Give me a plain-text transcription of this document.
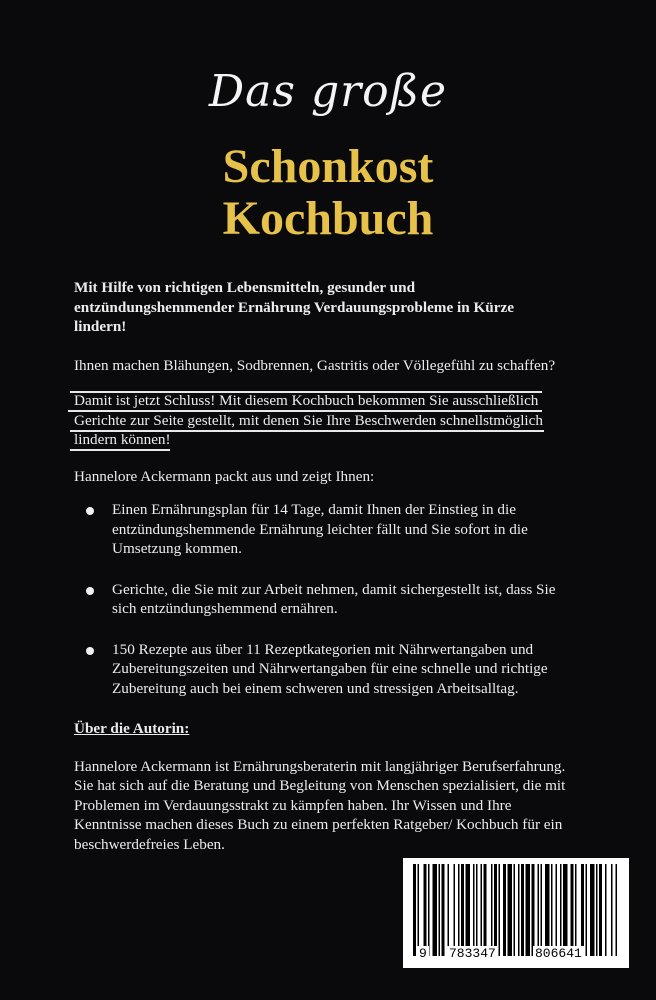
Das große
Schonkost
Kochbuch

Mit Hilfe von richtigen Lebensmitteln, gesunder und entzündungshemmender Ernährung Verdauungsprobleme in Kürze lindern!

Ihnen machen Blähungen, Sodbrennen, Gastritis oder Völlegefühl zu schaffen?

Damit ist jetzt Schluss! Mit diesem Kochbuch bekommen Sie ausschließlich Gerichte zur Seite gestellt, mit denen Sie Ihre Beschwerden schnellstmöglich lindern können!

Hannelore Ackermann packt aus und zeigt Ihnen:

Einen Ernährungsplan für 14 Tage, damit Ihnen der Einstieg in die entzündungshemmende Ernährung leichter fällt und Sie sofort in die Umsetzung kommen.
Gerichte, die Sie mit zur Arbeit nehmen, damit sichergestellt ist, dass Sie sich entzündungshemmend ernähren.
150 Rezepte aus über 11 Rezeptkategorien mit Nährwertangaben und Zubereitungszeiten und Nährwertangaben für eine schnelle und richtige Zubereitung auch bei einem schweren und stressigen Arbeitsalltag.

Über die Autorin:

Hannelore Ackermann ist Ernährungsberaterin mit langjähriger Berufserfahrung. Sie hat sich auf die Beratung und Begleitung von Menschen spezialisiert, die mit Problemen im Verdauungsstrakt zu kämpfen haben. Ihr Wissen und Ihre Kenntnisse machen dieses Buch zu einem perfekten Ratgeber/ Kochbuch für ein beschwerdefreies Leben.

9 783347	806641
